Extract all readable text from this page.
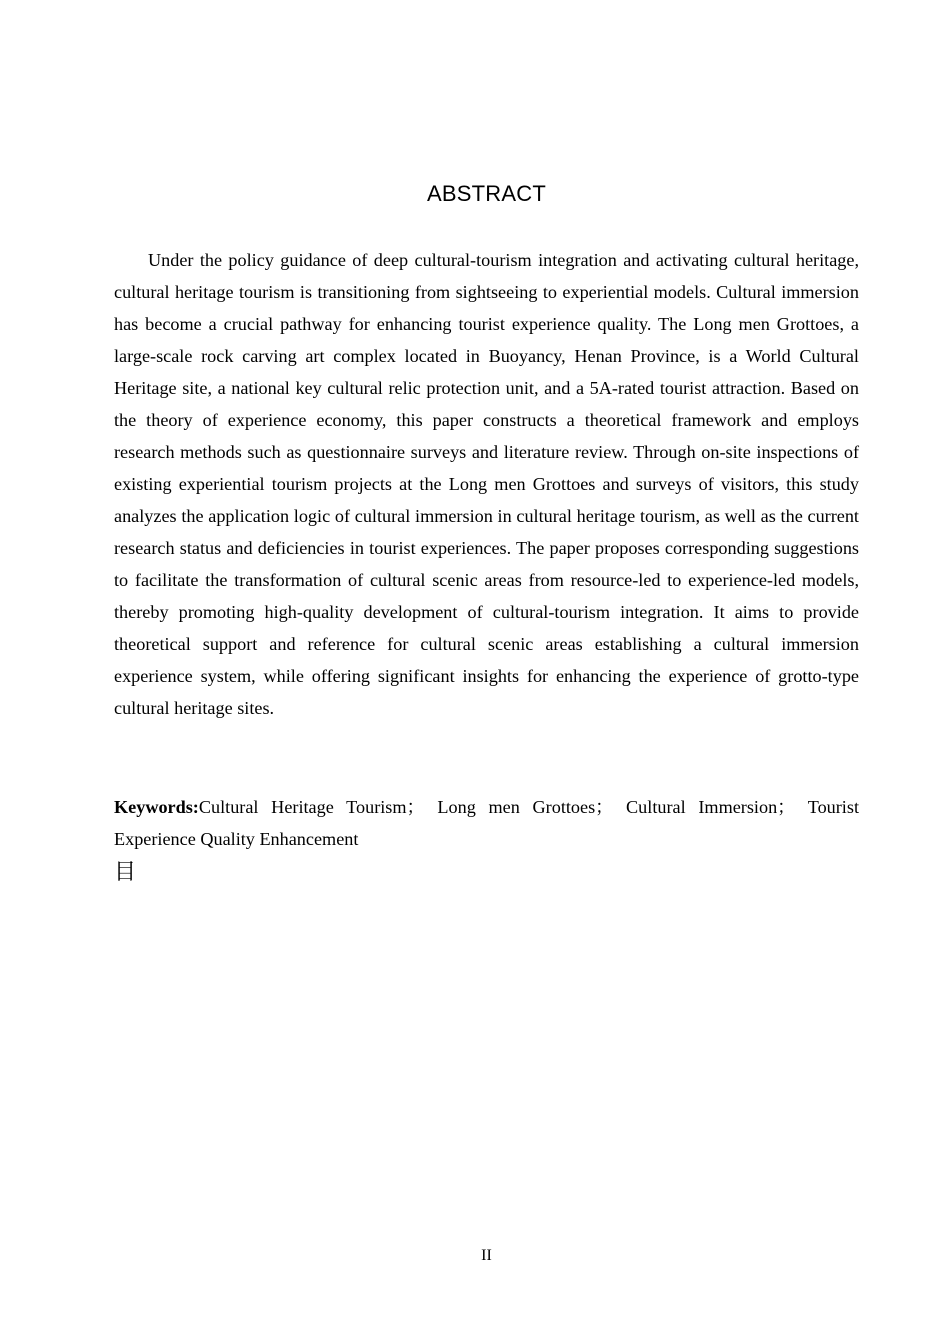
ABSTRACT

Under the policy guidance of deep cultural-tourism integration and activating cultural heritage, cultural heritage tourism is transitioning from sightseeing to experiential models. Cultural immersion has become a crucial pathway for enhancing tourist experience quality. The Long men Grottoes, a large-scale rock carving art complex located in Buoyancy, Henan Province, is a World Cultural Heritage site, a national key cultural relic protection unit, and a 5A-rated tourist attraction. Based on the theory of experience economy, this paper constructs a theoretical framework and employs research methods such as questionnaire surveys and literature review. Through on-site inspections of existing experiential tourism projects at the Long men Grottoes and surveys of visitors, this study analyzes the application logic of cultural immersion in cultural heritage tourism, as well as the current research status and deficiencies in tourist experiences. The paper proposes corresponding suggestions to facilitate the transformation of cultural scenic areas from resource-led to experience-led models, thereby promoting high-quality development of cultural-tourism integration. It aims to provide theoretical support and reference for cultural scenic areas establishing a cultural immersion experience system, while offering significant insights for enhancing the experience of grotto-type cultural heritage sites.

Keywords:Cultural Heritage Tourism； Long men Grottoes； Cultural Immersion； Tourist Experience Quality Enhancement

目
II
